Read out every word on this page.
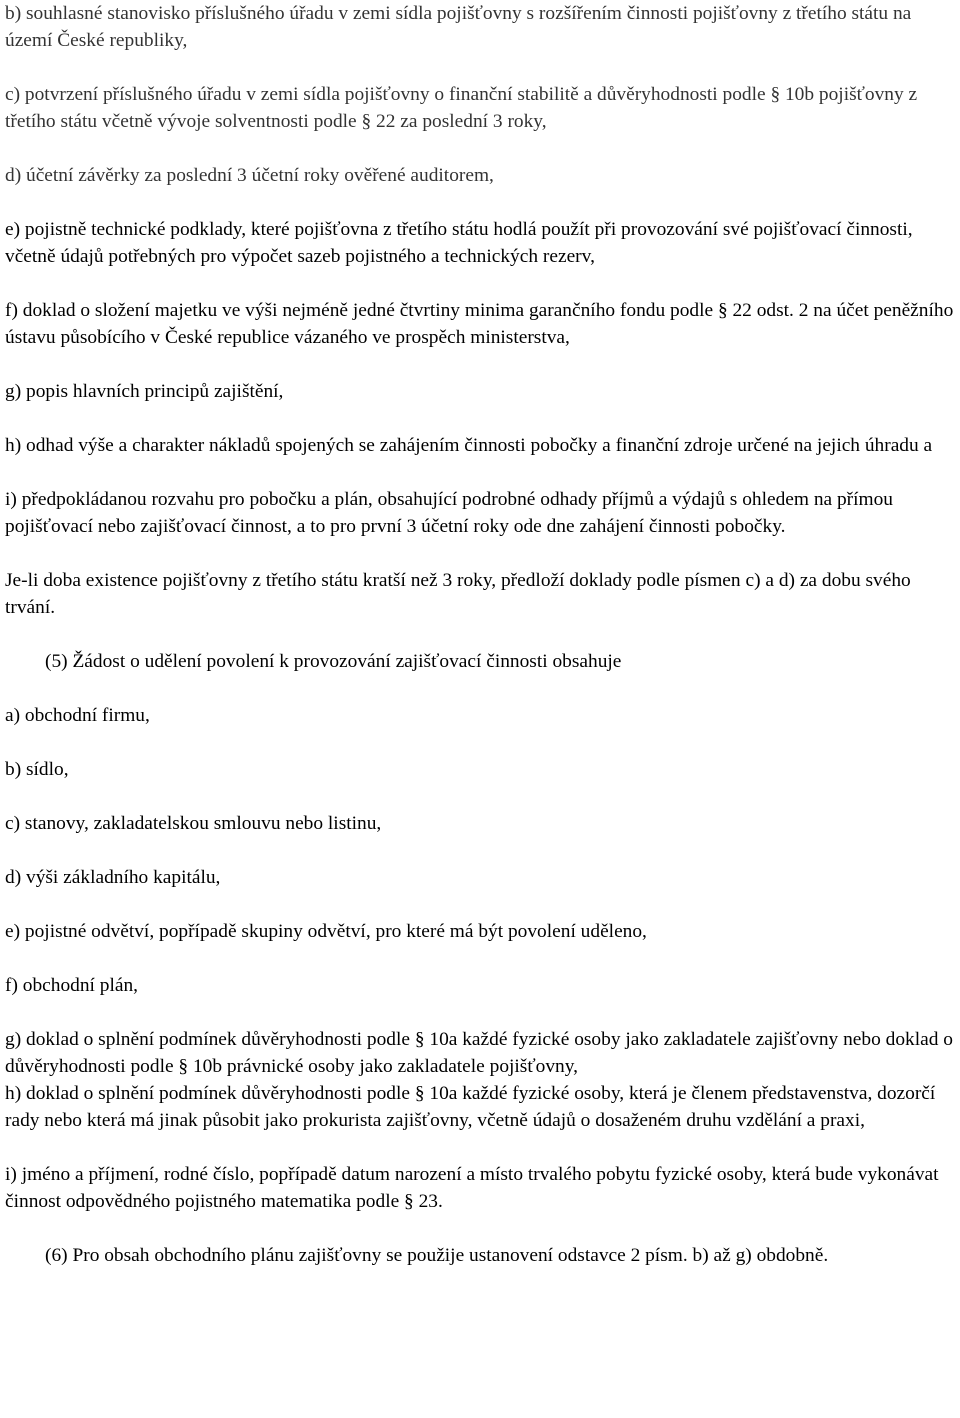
b) souhlasné stanovisko příslušného úřadu v zemi sídla pojišťovny s rozšířením činnosti pojišťovny z třetího státu na území České republiky,

c) potvrzení příslušného úřadu v zemi sídla pojišťovny o finanční stabilitě a důvěryhodnosti podle § 10b pojišťovny z třetího státu včetně vývoje solventnosti podle § 22 za poslední 3 roky,

d) účetní závěrky za poslední 3 účetní roky ověřené auditorem,

e) pojistně technické podklady, které pojišťovna z třetího státu hodlá použít při provozování své pojišťovací činnosti, včetně údajů potřebných pro výpočet sazeb pojistného a technických rezerv,

f) doklad o složení majetku ve výši nejméně jedné čtvrtiny minima garančního fondu podle § 22 odst. 2 na účet peněžního ústavu působícího v České republice vázaného ve prospěch ministerstva,

g) popis hlavních principů zajištění,

h) odhad výše a charakter nákladů spojených se zahájením činnosti pobočky a finanční zdroje určené na jejich úhradu a

i) předpokládanou rozvahu pro pobočku a plán, obsahující podrobné odhady příjmů a výdajů s ohledem na přímou pojišťovací nebo zajišťovací činnost, a to pro první 3 účetní roky ode dne zahájení činnosti pobočky.

Je-li doba existence pojišťovny z třetího státu kratší než 3 roky, předloží doklady podle písmen c) a d) za dobu svého trvání.

(5) Žádost o udělení povolení k provozování zajišťovací činnosti obsahuje

a) obchodní firmu,

b) sídlo,

c) stanovy, zakladatelskou smlouvu nebo listinu,

d) výši základního kapitálu,

e) pojistné odvětví, popřípadě skupiny odvětví, pro které má být povolení uděleno,

f) obchodní plán,

g) doklad o splnění podmínek důvěryhodnosti podle § 10a každé fyzické osoby jako zakladatele zajišťovny nebo doklad o důvěryhodnosti podle § 10b právnické osoby jako zakladatele pojišťovny,

h) doklad o splnění podmínek důvěryhodnosti podle § 10a každé fyzické osoby, která je členem představenstva, dozorčí rady nebo která má jinak působit jako prokurista zajišťovny, včetně údajů o dosaženém druhu vzdělání a praxi,

i) jméno a příjmení, rodné číslo, popřípadě datum narození a místo trvalého pobytu fyzické osoby, která bude vykonávat činnost odpovědného pojistného matematika podle § 23.

(6) Pro obsah obchodního plánu zajišťovny se použije ustanovení odstavce 2 písm. b) až g) obdobně.
